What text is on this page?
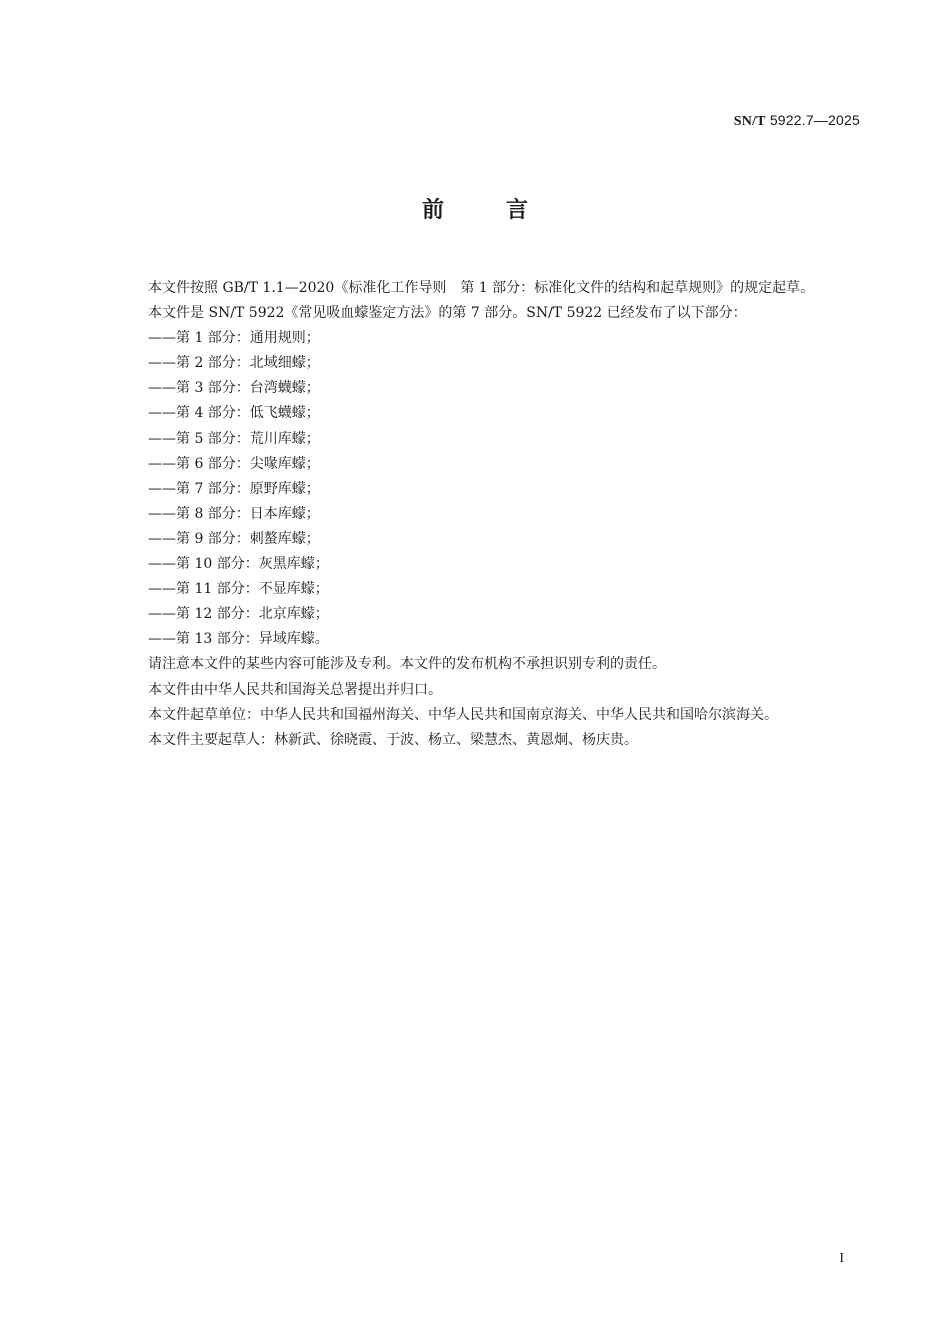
SN/T 5922.7—2025
前言

本文件按照 GB/T 1.1—2020《标准化工作导则　第 1 部分：标准化文件的结构和起草规则》的规定起草。

本文件是 SN/T 5922《常见吸血蠓鉴定方法》的第 7 部分。SN/T 5922 已经发布了以下部分：

——第 1 部分：通用规则；
——第 2 部分：北域细蠓；
——第 3 部分：台湾蠛蠓；
——第 4 部分：低飞蠛蠓；
——第 5 部分：荒川库蠓；
——第 6 部分：尖喙库蠓；
——第 7 部分：原野库蠓；
——第 8 部分：日本库蠓；
——第 9 部分：刺螯库蠓；
——第 10 部分：灰黑库蠓；
——第 11 部分：不显库蠓；
——第 12 部分：北京库蠓；
——第 13 部分：异域库蠓。

请注意本文件的某些内容可能涉及专利。本文件的发布机构不承担识别专利的责任。

本文件由中华人民共和国海关总署提出并归口。

本文件起草单位：中华人民共和国福州海关、中华人民共和国南京海关、中华人民共和国哈尔滨海关。

本文件主要起草人：林新武、徐晓霞、于波、杨立、梁慧杰、黄恩炯、杨庆贵。

I
